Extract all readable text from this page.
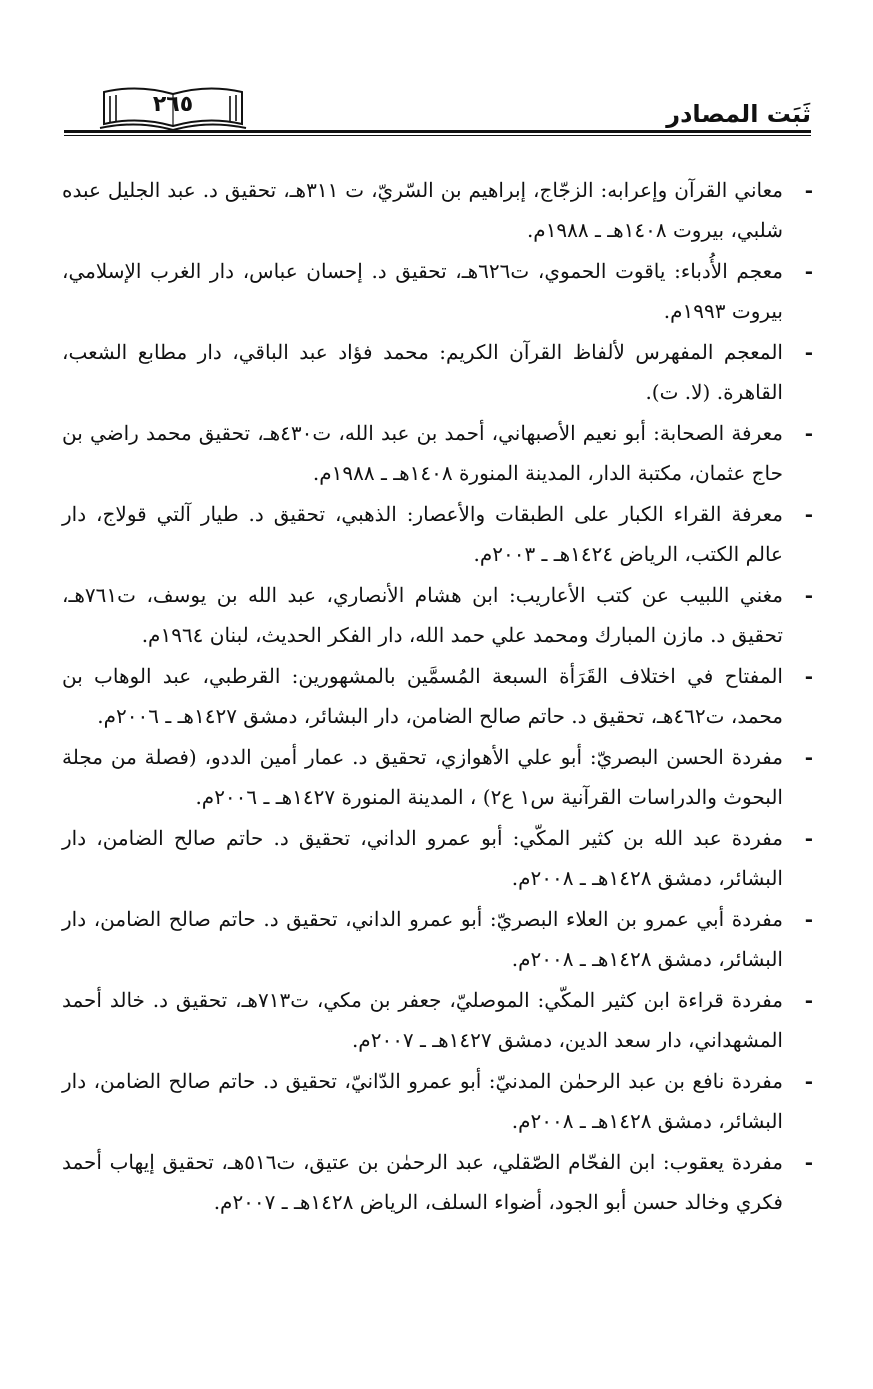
ثَبَت المصادر
٢٦٥
-
معاني القرآن وإعرابه: الزجّاج، إبراهيم بن السّريّ، ت ٣١١هـ، تحقيق د. عبد الجليل عبده شلبي، بيروت ١٤٠٨هـ ـ ١٩٨٨م.
-
معجم الأُدباء: ياقوت الحموي، ت٦٢٦هـ، تحقيق د. إحسان عباس، دار الغرب الإسلامي، بيروت ١٩٩٣م.
-
المعجم المفهرس لألفاظ القرآن الكريم: محمد فؤاد عبد الباقي، دار مطابع الشعب، القاهرة. (لا. ت).
-
معرفة الصحابة: أبو نعيم الأصبهاني، أحمد بن عبد الله، ت٤٣٠هـ، تحقيق محمد راضي بن حاج عثمان، مكتبة الدار، المدينة المنورة ١٤٠٨هـ ـ ١٩٨٨م.
-
معرفة القراء الكبار على الطبقات والأعصار: الذهبي، تحقيق د. طيار آلتي قولاج، دار عالم الكتب، الرياض ١٤٢٤هـ ـ ٢٠٠٣م.
-
مغني اللبيب عن كتب الأعاريب: ابن هشام الأنصاري، عبد الله بن يوسف، ت٧٦١هـ، تحقيق د. مازن المبارك ومحمد علي حمد الله، دار الفكر الحديث، لبنان ١٩٦٤م.
-
المفتاح في اختلاف القَرَأة السبعة المُسمَّين بالمشهورين: القرطبي، عبد الوهاب بن محمد، ت٤٦٢هـ، تحقيق د. حاتم صالح الضامن، دار البشائر، دمشق ١٤٢٧هـ ـ ٢٠٠٦م.
-
مفردة الحسن البصريّ: أبو علي الأهوازي، تحقيق د. عمار أمين الددو، (فصلة من مجلة البحوث والدراسات القرآنية س١ ع٢) ، المدينة المنورة ١٤٢٧هـ ـ ٢٠٠٦م.
-
مفردة عبد الله بن كثير المكّي: أبو عمرو الداني، تحقيق د. حاتم صالح الضامن، دار البشائر، دمشق ١٤٢٨هـ ـ ٢٠٠٨م.
-
مفردة أبي عمرو بن العلاء البصريّ: أبو عمرو الداني، تحقيق د. حاتم صالح الضامن، دار البشائر، دمشق ١٤٢٨هـ ـ ٢٠٠٨م.
-
مفردة قراءة ابن كثير المكّي: الموصليّ، جعفر بن مكي، ت٧١٣هـ، تحقيق د. خالد أحمد المشهداني، دار سعد الدين، دمشق ١٤٢٧هـ ـ ٢٠٠٧م.
-
مفردة نافع بن عبد الرحمٰن المدنيّ: أبو عمرو الدّانيّ، تحقيق د. حاتم صالح الضامن، دار البشائر، دمشق ١٤٢٨هـ ـ ٢٠٠٨م.
-
مفردة يعقوب: ابن الفحّام الصّقلي، عبد الرحمٰن بن عتيق، ت٥١٦هـ، تحقيق إيهاب أحمد فكري وخالد حسن أبو الجود، أضواء السلف، الرياض ١٤٢٨هـ ـ ٢٠٠٧م.
